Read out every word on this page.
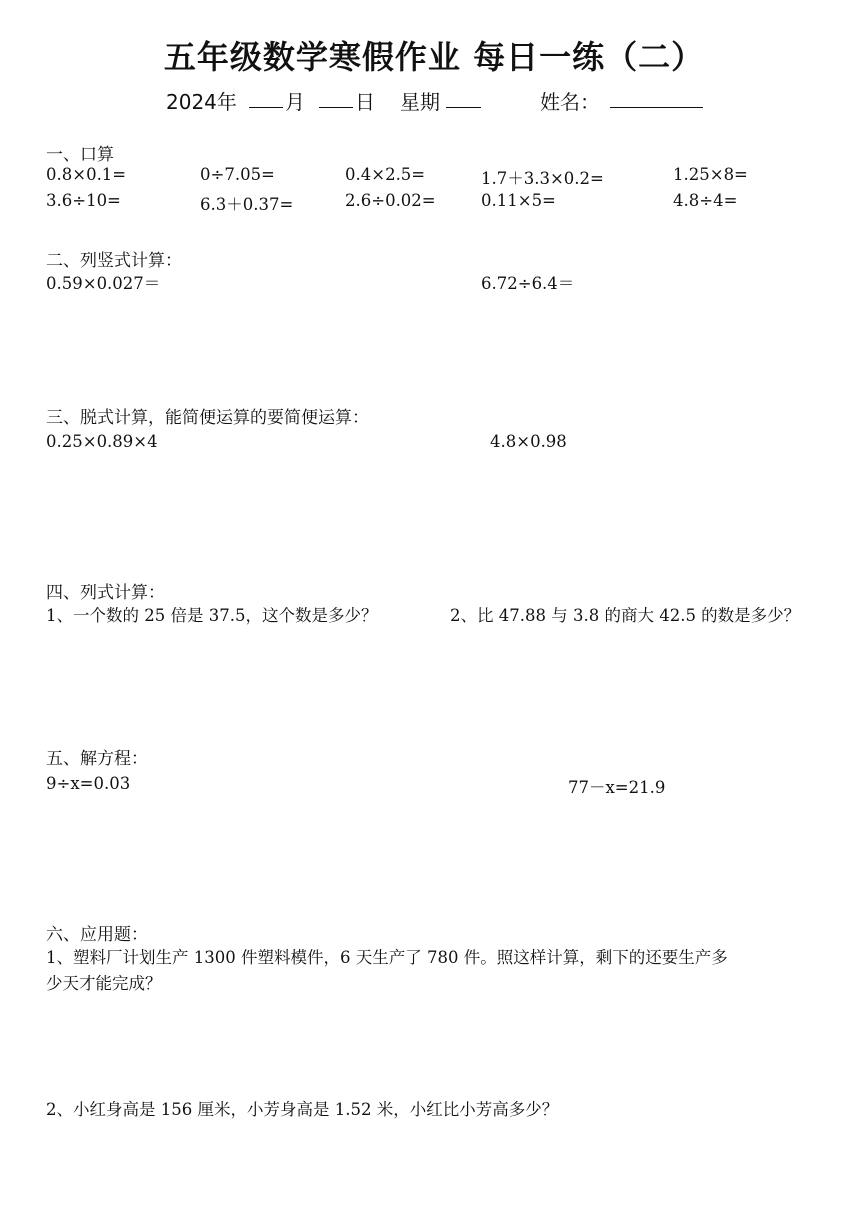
五年级数学寒假作业 每日一练（二）
2024年 月	日 星期	姓名：
一、口算
0.8×0.1=	0÷7.05=	0.4×2.5=	1.7＋3.3×0.2=	1.25×8=
3.6÷10=	6.3＋0.37=	2.6÷0.02=	0.11×5=	4.8÷4=
二、列竖式计算：
0.59×0.027＝	6.72÷6.4＝
三、脱式计算，能简便运算的要简便运算：
0.25×0.89×4	4.8×0.98
四、列式计算：
1、一个数的 25 倍是 37.5，这个数是多少？	2、比 47.88 与 3.8 的商大 42.5 的数是多少？
五、解方程：
9÷x=0.03	77－x=21.9
六、应用题：
1、塑料厂计划生产 1300 件塑料模件，6 天生产了 780 件。照这样计算，剩下的还要生产多
少天才能完成？
2、小红身高是 156 厘米，小芳身高是 1.52 米，小红比小芳高多少？
